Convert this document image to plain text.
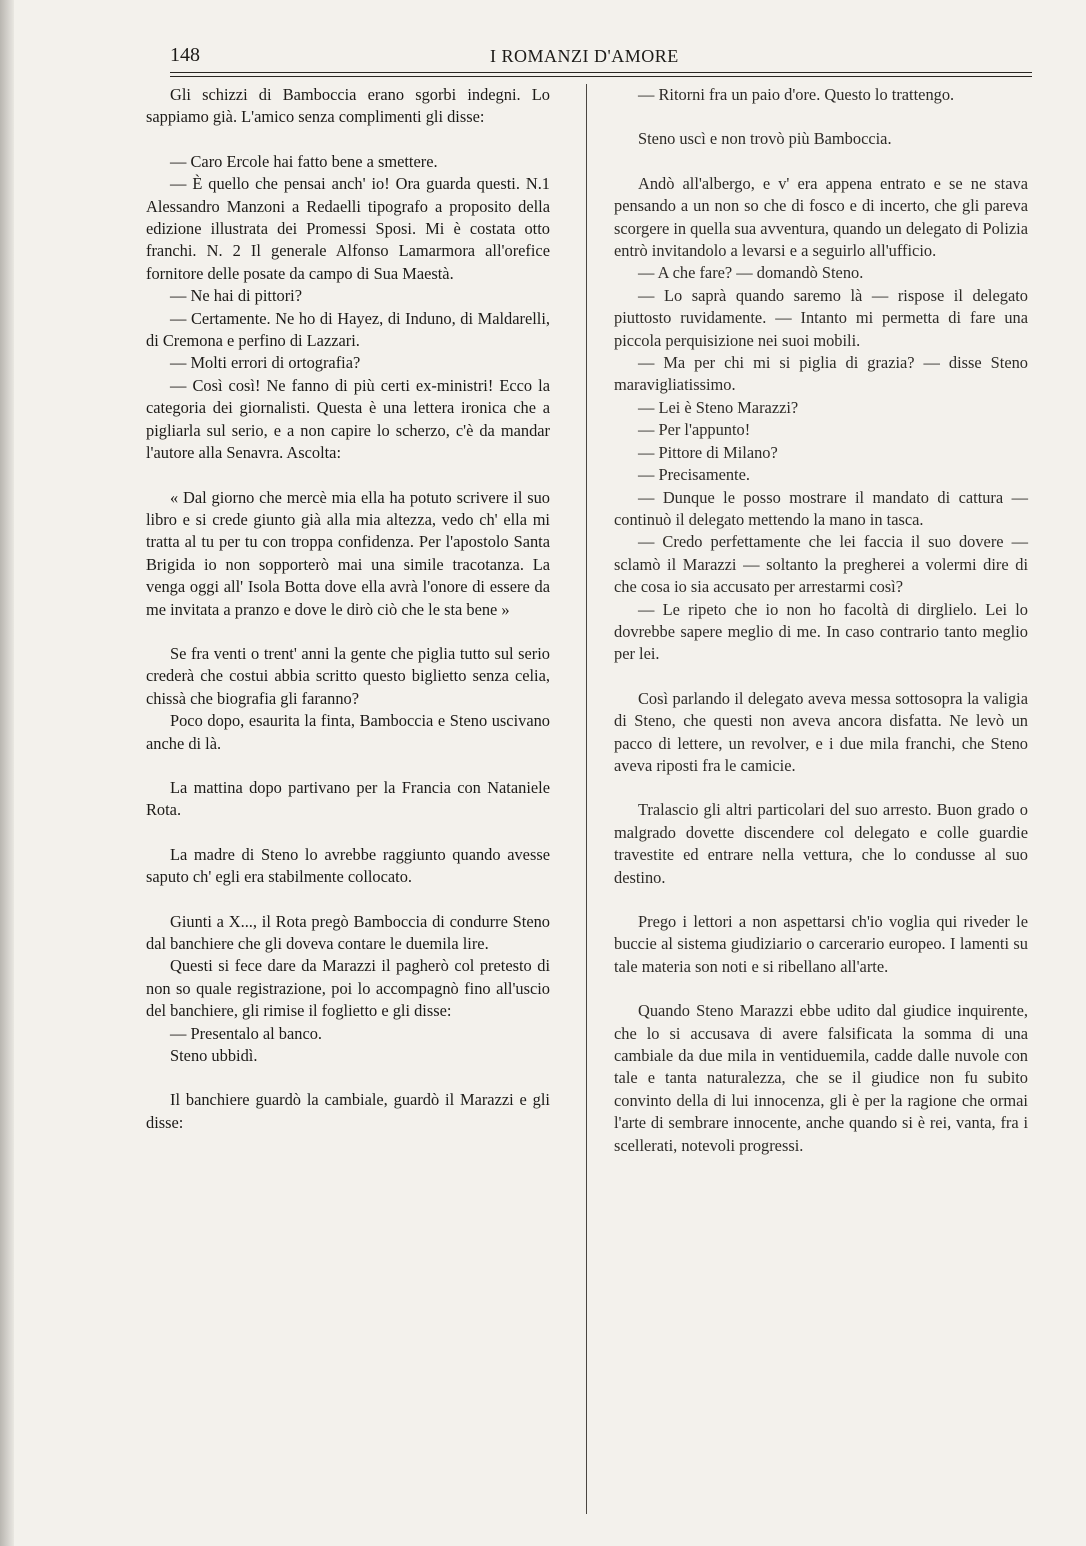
148	I ROMANZI D'AMORE

Gli schizzi di Bamboccia erano sgorbi indegni. Lo sappiamo già. L'amico senza complimenti gli disse:

— Caro Ercole hai fatto bene a smettere.

— È quello che pensai anch' io! Ora guarda questi. N.1 Alessandro Manzoni a Redaelli tipografo a proposito della edizione illustrata dei Promessi Sposi. Mi è costata otto franchi. N. 2 Il generale Alfonso Lamarmora all'orefice fornitore delle posate da campo di Sua Maestà.

— Ne hai di pittori?

— Certamente. Ne ho di Hayez, di Induno, di Maldarelli, di Cremona e perfino di Lazzari.

— Molti errori di ortografia?

— Così così! Ne fanno di più certi ex-ministri! Ecco la categoria dei giornalisti. Questa è una lettera ironica che a pigliarla sul serio, e a non capire lo scherzo, c'è da mandar l'autore alla Senavra. Ascolta:

« Dal giorno che mercè mia ella ha potuto scrivere il suo libro e si crede giunto già alla mia altezza, vedo ch' ella mi tratta al tu per tu con troppa confidenza. Per l'apostolo Santa Brigida io non sopporterò mai una simile tracotanza. La venga oggi all' Isola Botta dove ella avrà l'onore di essere da me invitata a pranzo e dove le dirò ciò che le sta bene »

Se fra venti o trent' anni la gente che piglia tutto sul serio crederà che costui abbia scritto questo biglietto senza celia, chissà che biografia gli faranno?

Poco dopo, esaurita la finta, Bamboccia e Steno uscivano anche di là.

La mattina dopo partivano per la Francia con Nataniele Rota.

La madre di Steno lo avrebbe raggiunto quando avesse saputo ch' egli era stabilmente collocato.

Giunti a X..., il Rota pregò Bamboccia di condurre Steno dal banchiere che gli doveva contare le duemila lire.

Questi si fece dare da Marazzi il pagherò col pretesto di non so quale registrazione, poi lo accompagnò fino all'uscio del banchiere, gli rimise il foglietto e gli disse:

— Presentalo al banco.

Steno ubbidì.

Il banchiere guardò la cambiale, guardò il Marazzi e gli disse:

— Ritorni fra un paio d'ore. Questo lo trattengo.

Steno uscì e non trovò più Bamboccia.

Andò all'albergo, e v' era appena entrato e se ne stava pensando a un non so che di fosco e di incerto, che gli pareva scorgere in quella sua avventura, quando un delegato di Polizia entrò invitandolo a levarsi e a seguirlo all'ufficio.

— A che fare? — domandò Steno.

— Lo saprà quando saremo là — rispose il delegato piuttosto ruvidamente. — Intanto mi permetta di fare una piccola perquisizione nei suoi mobili.

— Ma per chi mi si piglia di grazia? — disse Steno maravigliatissimo.

— Lei è Steno Marazzi?

— Per l'appunto!

— Pittore di Milano?

— Precisamente.

— Dunque le posso mostrare il mandato di cattura — continuò il delegato mettendo la mano in tasca.

— Credo perfettamente che lei faccia il suo dovere — sclamò il Marazzi — soltanto la pregherei a volermi dire di che cosa io sia accusato per arrestarmi così?

— Le ripeto che io non ho facoltà di dirglielo. Lei lo dovrebbe sapere meglio di me. In caso contrario tanto meglio per lei.

Così parlando il delegato aveva messa sottosopra la valigia di Steno, che questi non aveva ancora disfatta. Ne levò un pacco di lettere, un revolver, e i due mila franchi, che Steno aveva riposti fra le camicie.

Tralascio gli altri particolari del suo arresto. Buon grado o malgrado dovette discendere col delegato e colle guardie travestite ed entrare nella vettura, che lo condusse al suo destino.

Prego i lettori a non aspettarsi ch'io voglia qui riveder le buccie al sistema giudiziario o carcerario europeo. I lamenti su tale materia son noti e si ribellano all'arte.

Quando Steno Marazzi ebbe udito dal giudice inquirente, che lo si accusava di avere falsificata la somma di una cambiale da due mila in ventiduemila, cadde dalle nuvole con tale e tanta naturalezza, che se il giudice non fu subito convinto della di lui innocenza, gli è per la ragione che ormai l'arte di sembrare innocente, anche quando si è rei, vanta, fra i scellerati, notevoli progressi.
